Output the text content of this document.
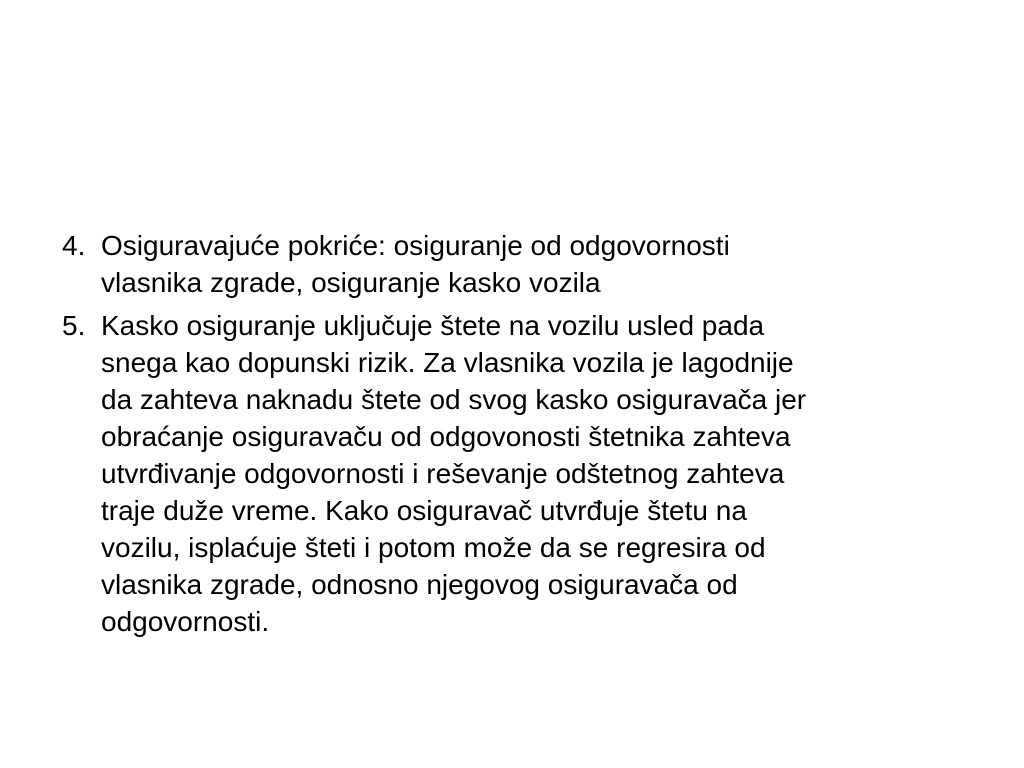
4. Osiguravajuće pokriće: osiguranje od odgovornosti
vlasnika zgrade, osiguranje kasko vozila
5. Kasko osiguranje uključuje štete na vozilu usled pada
snega kao dopunski rizik. Za vlasnika vozila je lagodnije
da zahteva naknadu štete od svog kasko osiguravača jer
obraćanje osiguravaču od odgovonosti štetnika zahteva
utvrđivanje odgovornosti i reševanje odštetnog zahteva
traje duže vreme. Kako osiguravač utvrđuje štetu na
vozilu, isplaćuje šteti i potom može da se regresira od
vlasnika zgrade, odnosno njegovog osiguravača od
odgovornosti.
